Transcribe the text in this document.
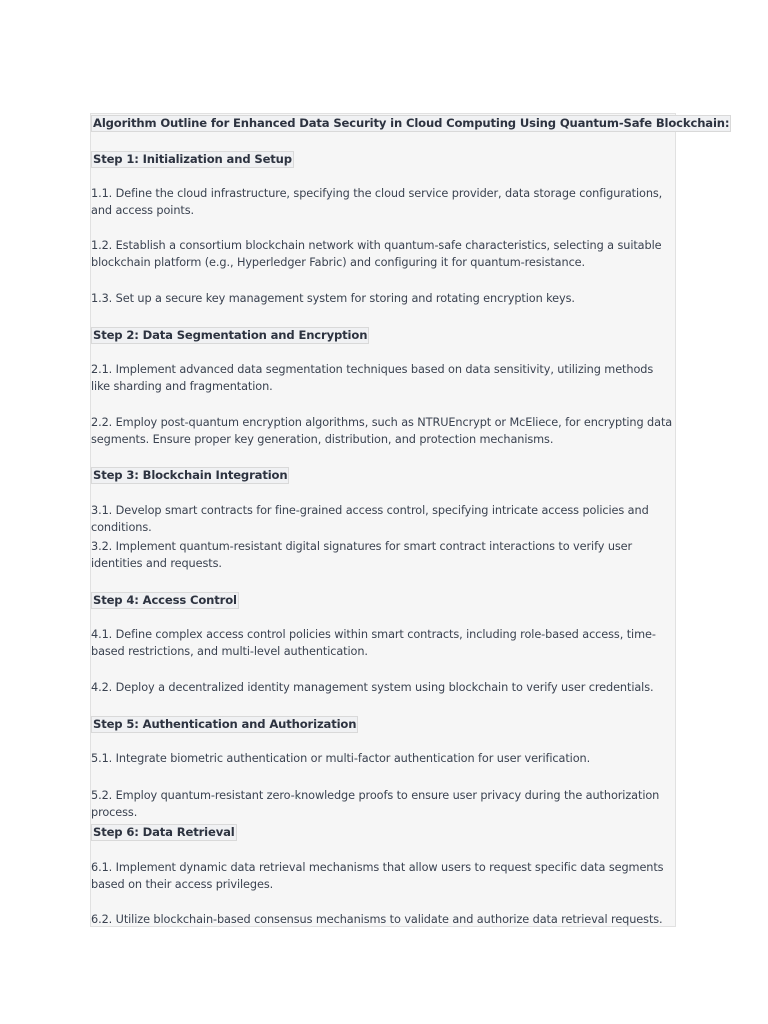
Algorithm Outline for Enhanced Data Security in Cloud Computing Using Quantum-Safe Blockchain:
Step 1: Initialization and Setup
1.1. Define the cloud infrastructure, specifying the cloud service provider, data storage configurations, and access points.
1.2. Establish a consortium blockchain network with quantum-safe characteristics, selecting a suitable blockchain platform (e.g., Hyperledger Fabric) and configuring it for quantum-resistance.
1.3. Set up a secure key management system for storing and rotating encryption keys.
Step 2: Data Segmentation and Encryption
2.1. Implement advanced data segmentation techniques based on data sensitivity, utilizing methods like sharding and fragmentation.
2.2. Employ post-quantum encryption algorithms, such as NTRUEncrypt or McEliece, for encrypting data segments. Ensure proper key generation, distribution, and protection mechanisms.
Step 3: Blockchain Integration
3.1. Develop smart contracts for fine-grained access control, specifying intricate access policies and conditions.
3.2. Implement quantum-resistant digital signatures for smart contract interactions to verify user identities and requests.
Step 4: Access Control
4.1. Define complex access control policies within smart contracts, including role-based access, time-based restrictions, and multi-level authentication.
4.2. Deploy a decentralized identity management system using blockchain to verify user credentials.
Step 5: Authentication and Authorization
5.1. Integrate biometric authentication or multi-factor authentication for user verification.
5.2. Employ quantum-resistant zero-knowledge proofs to ensure user privacy during the authorization process.
Step 6: Data Retrieval
6.1. Implement dynamic data retrieval mechanisms that allow users to request specific data segments based on their access privileges.
6.2. Utilize blockchain-based consensus mechanisms to validate and authorize data retrieval requests.
